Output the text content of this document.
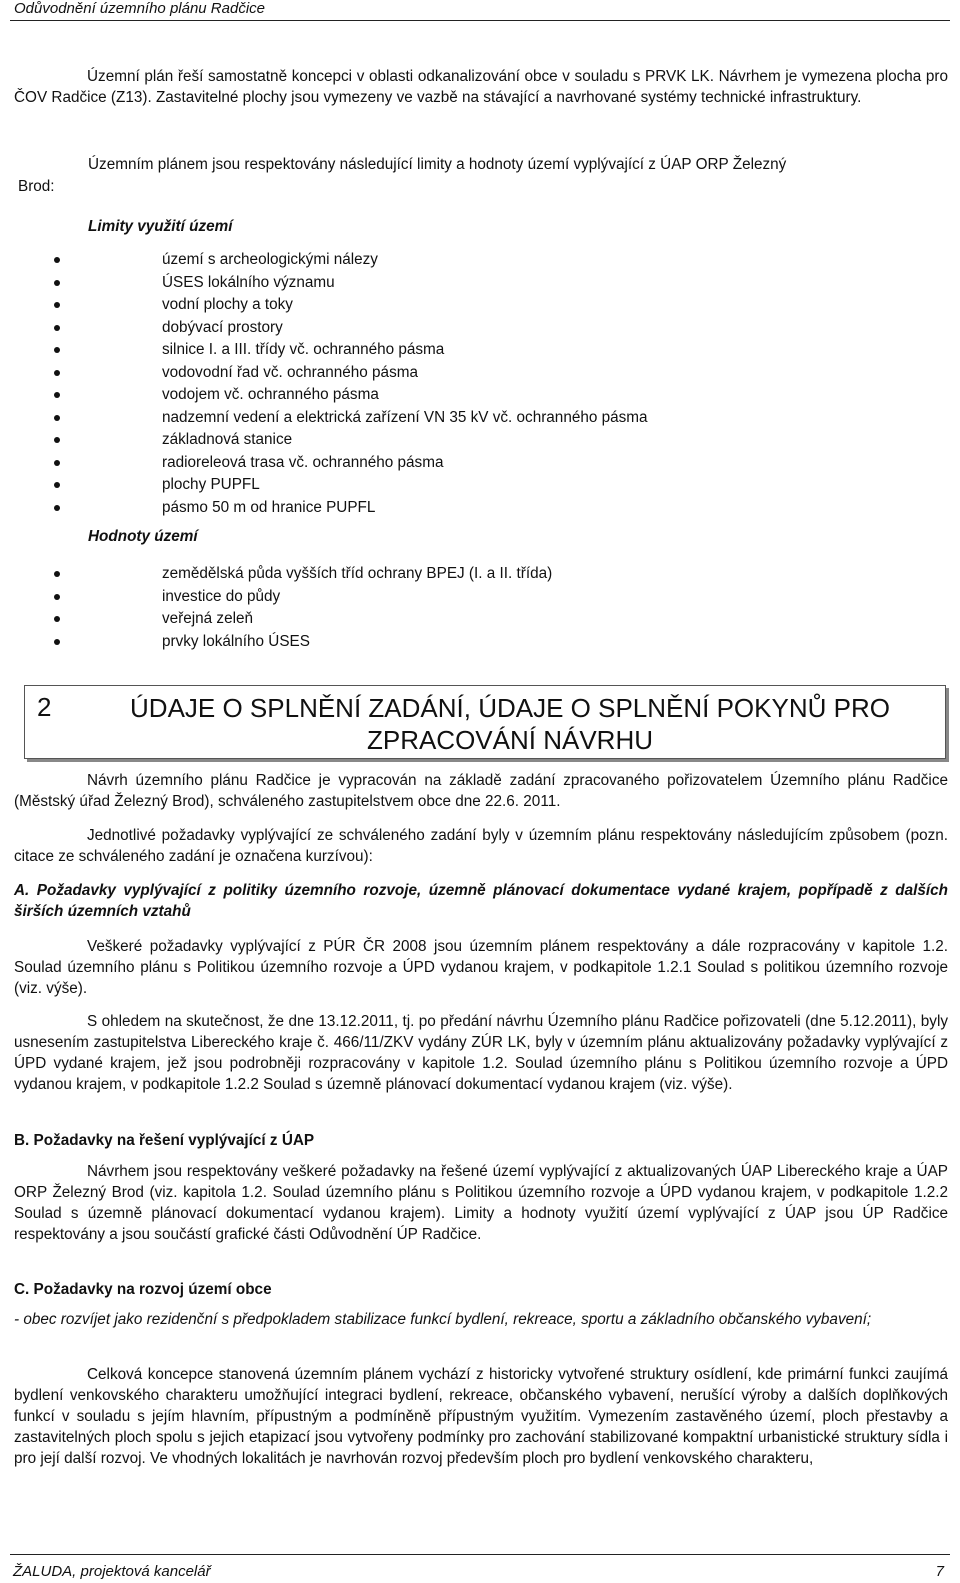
Odůvodnění územního plánu Radčice

Územní plán řeší samostatně koncepci v oblasti odkanalizování obce v souladu s PRVK LK. Návrhem je vymezena plocha pro ČOV Radčice (Z13). Zastavitelné plochy jsou vymezeny ve vazbě na stávající a navrhované systémy technické infrastruktury.

Územním plánem jsou respektovány následující limity a hodnoty území vyplývající z ÚAP ORP Železný

Brod:
Limity využití území
území s archeologickými nálezy
ÚSES lokálního významu
vodní plochy a toky
dobývací prostory
silnice I. a III. třídy vč. ochranného pásma
vodovodní řad vč. ochranného pásma
vodojem vč. ochranného pásma
nadzemní vedení a elektrická zařízení VN 35 kV vč. ochranného pásma
základnová stanice
radioreleová trasa vč. ochranného pásma
plochy PUPFL
pásmo 50 m od hranice PUPFL
Hodnoty území
zemědělská půda vyšších tříd ochrany BPEJ (I. a II. třída)
investice do půdy
veřejná zeleň
prvky lokálního ÚSES
2	ÚDAJE O SPLNĚNÍ ZADÁNÍ, ÚDAJE O SPLNĚNÍ POKYNŮ PRO ZPRACOVÁNÍ NÁVRHU

Návrh územního plánu Radčice je vypracován na základě zadání zpracovaného pořizovatelem Územního plánu Radčice (Městský úřad Železný Brod), schváleného zastupitelstvem obce dne 22.6. 2011.

Jednotlivé požadavky vyplývající ze schváleného zadání byly v územním plánu respektovány následujícím způsobem (pozn. citace ze schváleného zadání je označena kurzívou):

A. Požadavky vyplývající z politiky územního rozvoje, územně plánovací dokumentace vydané krajem, popřípadě z dalších širších územních vztahů

Veškeré požadavky vyplývající z PÚR ČR 2008 jsou územním plánem respektovány a dále rozpracovány v kapitole 1.2. Soulad územního plánu s Politikou územního rozvoje a ÚPD vydanou krajem, v podkapitole 1.2.1 Soulad s politikou územního rozvoje (viz. výše).

S ohledem na skutečnost, že dne 13.12.2011, tj. po předání návrhu Územního plánu Radčice pořizovateli (dne 5.12.2011), byly usnesením zastupitelstva Libereckého kraje č. 466/11/ZKV vydány ZÚR LK, byly v územním plánu aktualizovány požadavky vyplývající z ÚPD vydané krajem, jež jsou podrobněji rozpracovány v kapitole 1.2. Soulad územního plánu s Politikou územního rozvoje a ÚPD vydanou krajem, v podkapitole 1.2.2 Soulad s územně plánovací dokumentací vydanou krajem (viz. výše).

B. Požadavky na řešení vyplývající z ÚAP

Návrhem jsou respektovány veškeré požadavky na řešené území vyplývající z aktualizovaných ÚAP Libereckého kraje a ÚAP ORP Železný Brod (viz. kapitola 1.2. Soulad územního plánu s Politikou územního rozvoje a ÚPD vydanou krajem, v podkapitole 1.2.2 Soulad s územně plánovací dokumentací vydanou krajem). Limity a hodnoty využití území vyplývající z ÚAP jsou ÚP Radčice respektovány a jsou součástí grafické části Odůvodnění ÚP Radčice.

C. Požadavky na rozvoj území obce

- obec rozvíjet jako rezidenční s předpokladem stabilizace funkcí bydlení, rekreace, sportu a základního občanského vybavení;

Celková koncepce stanovená územním plánem vychází z historicky vytvořené struktury osídlení, kde primární funkci zaujímá bydlení venkovského charakteru umožňující integraci bydlení, rekreace, občanského vybavení, nerušící výroby a dalších doplňkových funkcí v souladu s jejím hlavním, přípustným a podmíněně přípustným využitím. Vymezením zastavěného území, ploch přestavby a zastavitelných ploch spolu s jejich etapizací jsou vytvořeny podmínky pro zachování stabilizované kompaktní urbanistické struktury sídla i pro její další rozvoj. Ve vhodných lokalitách je navrhován rozvoj především ploch pro bydlení venkovského charakteru,

ŽALUDA, projektová kancelář	7
